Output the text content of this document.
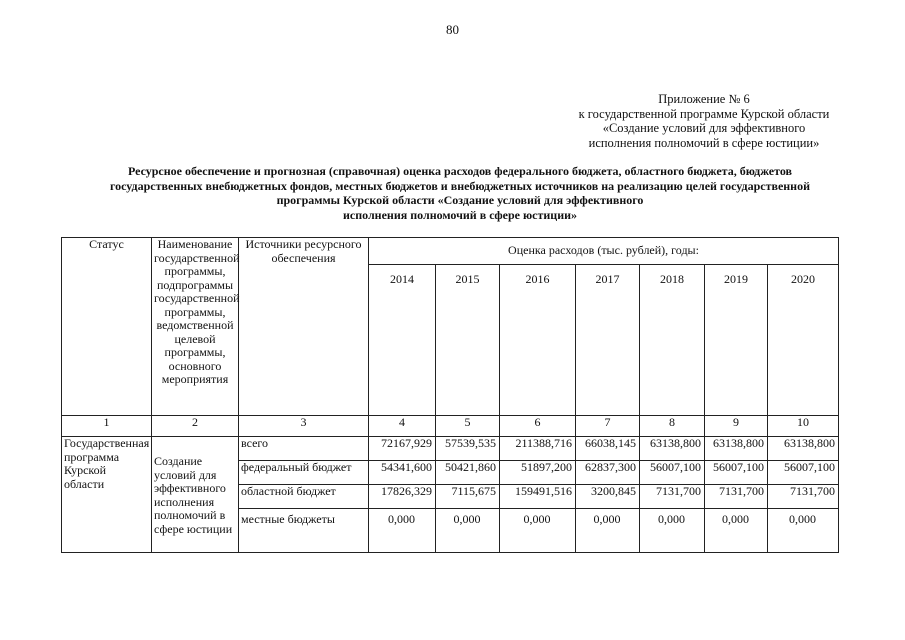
80
Приложение № 6
к государственной программе Курской области
«Создание условий для эффективного
исполнения полномочий в сфере юстиции»
Ресурсное обеспечение и прогнозная (справочная) оценка расходов федерального бюджета, областного бюджета, бюджетов
государственных внебюджетных фондов, местных бюджетов и внебюджетных источников на реализацию целей государственной
программы Курской области «Создание условий для эффективного
исполнения полномочий в сфере юстиции»
Статус	Наименование государственной программы, подпрограммы государственной программы, ведомственной целевой программы, основного мероприятия	Источники ресурсного обеспечения	Оценка расходов (тыс. рублей), годы:						
			2014	2015	2016	2017	2018	2019	2020
1	2	3	4	5	6	7	8	9	10
Государственная программа Курской области	Создание условий для эффективного исполнения полномочий в сфере юстиции	всего	72167,929	57539,535	211388,716	66038,145	63138,800	63138,800	63138,800
		федеральный бюджет	54341,600	50421,860	51897,200	62837,300	56007,100	56007,100	56007,100
		областной бюджет	17826,329	7115,675	159491,516	3200,845	7131,700	7131,700	7131,700
		местные бюджеты	0,000	0,000	0,000	0,000	0,000	0,000	0,000
